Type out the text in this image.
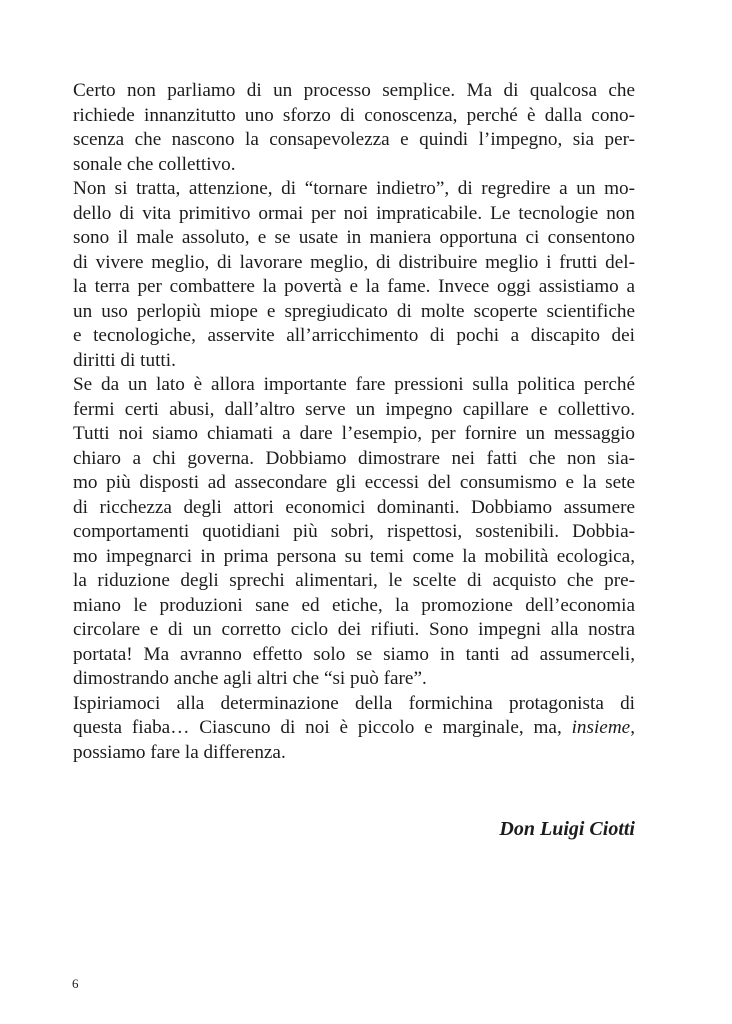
Certo non parliamo di un processo semplice. Ma di qualcosa che
richiede innanzitutto uno sforzo di conoscenza, perché è dalla cono-
scenza che nascono la consapevolezza e quindi l’impegno, sia per-
sonale che collettivo.
Non si tratta, attenzione, di “tornare indietro”, di regredire a un mo-
dello di vita primitivo ormai per noi impraticabile. Le tecnologie non
sono il male assoluto, e se usate in maniera opportuna ci consentono
di vivere meglio, di lavorare meglio, di distribuire meglio i frutti del-
la terra per combattere la povertà e la fame. Invece oggi assistiamo a
un uso perlopiù miope e spregiudicato di molte scoperte scientifiche
e tecnologiche, asservite all’arricchimento di pochi a discapito dei
diritti di tutti.
Se da un lato è allora importante fare pressioni sulla politica perché
fermi certi abusi, dall’altro serve un impegno capillare e collettivo.
Tutti noi siamo chiamati a dare l’esempio, per fornire un messaggio
chiaro a chi governa. Dobbiamo dimostrare nei fatti che non sia-
mo più disposti ad assecondare gli eccessi del consumismo e la sete
di ricchezza degli attori economici dominanti. Dobbiamo assumere
comportamenti quotidiani più sobri, rispettosi, sostenibili. Dobbia-
mo impegnarci in prima persona su temi come la mobilità ecologica,
la riduzione degli sprechi alimentari, le scelte di acquisto che pre-
miano le produzioni sane ed etiche, la promozione dell’economia
circolare e di un corretto ciclo dei rifiuti. Sono impegni alla nostra
portata! Ma avranno effetto solo se siamo in tanti ad assumerceli,
dimostrando anche agli altri che “si può fare”.
Ispiriamoci alla determinazione della formichina protagonista di
questa fiaba… Ciascuno di noi è piccolo e marginale, ma, insieme,
possiamo fare la differenza.
Don Luigi Ciotti
6
